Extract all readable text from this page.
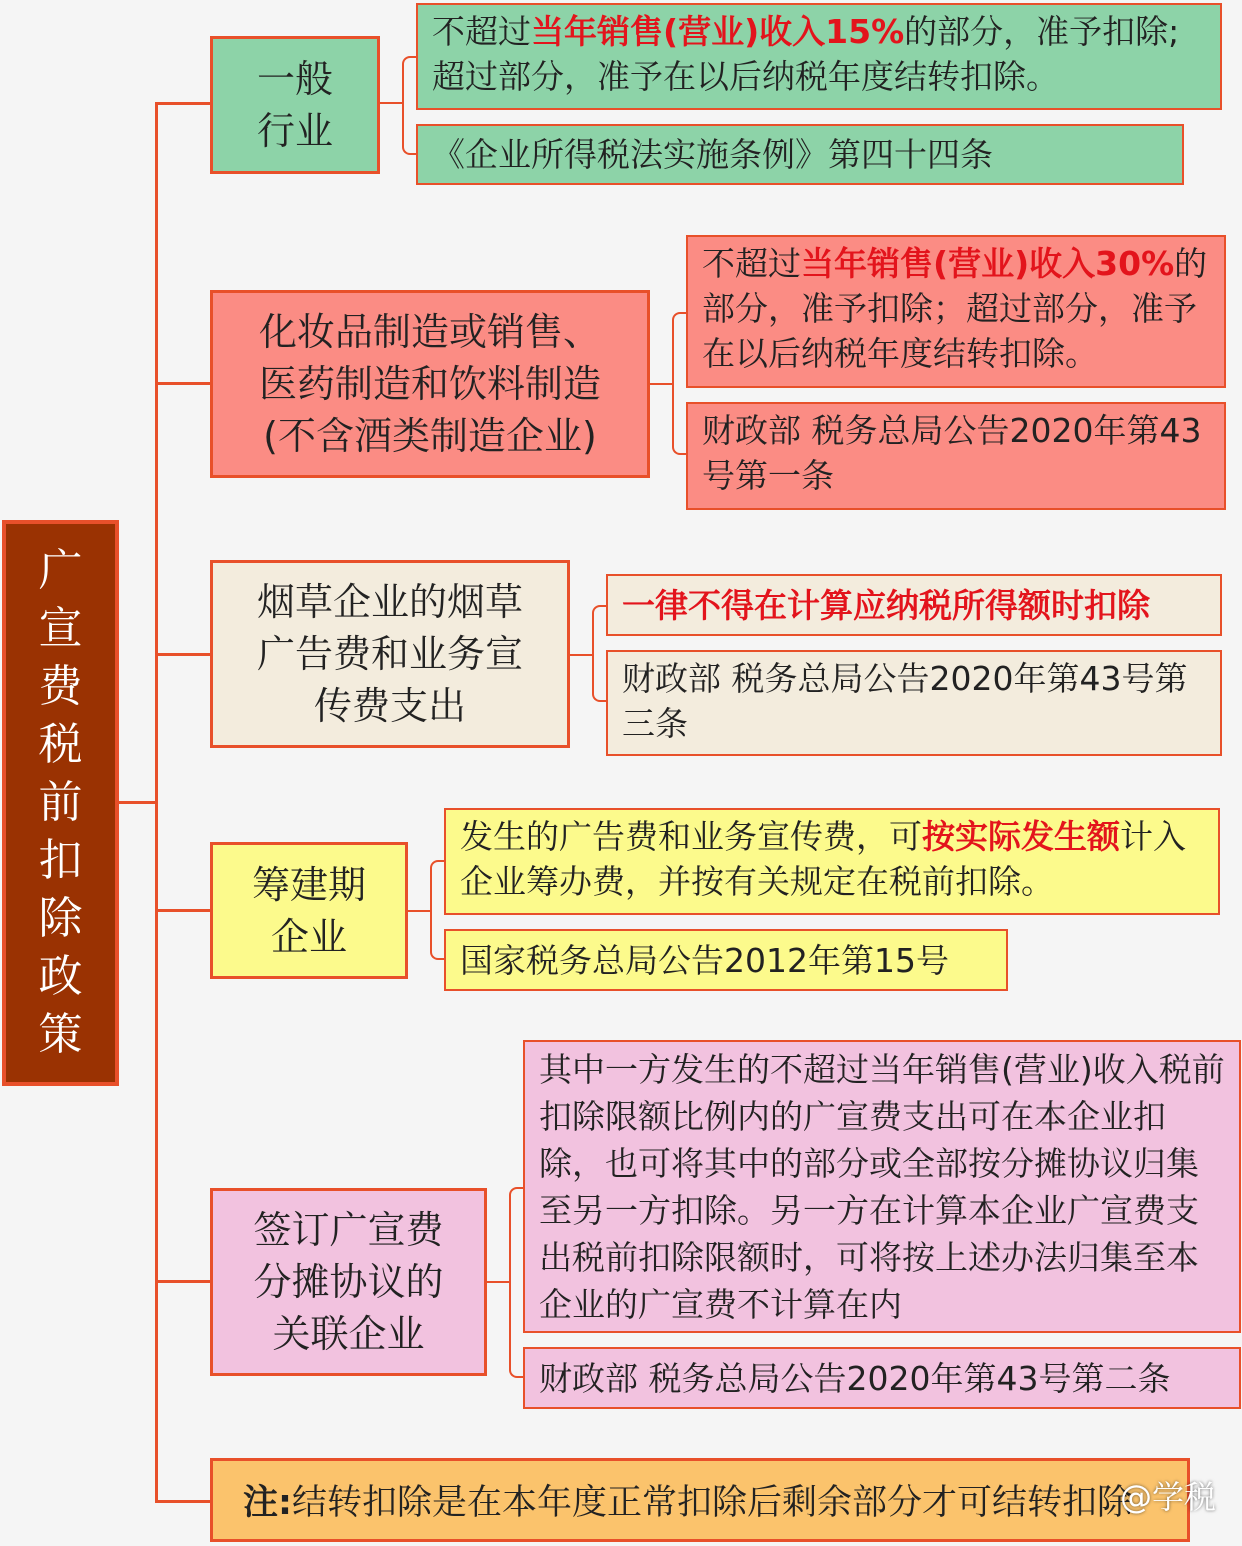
广
宣
费
税
前
扣
除
政
策
一般
行业
不超过当年销售(营业)收入15%的部分，准予扣除;超过部分，准予在以后纳税年度结转扣除。
《企业所得税法实施条例》第四十四条
化妆品制造或销售、
医药制造和饮料制造
(不含酒类制造企业)
不超过当年销售(营业)收入30%的部分，准予扣除；超过部分，准予在以后纳税年度结转扣除。
财政部 税务总局公告2020年第43号第一条
烟草企业的烟草
广告费和业务宣
传费支出
一律不得在计算应纳税所得额时扣除
财政部 税务总局公告2020年第43号第三条
筹建期
企业
发生的广告费和业务宣传费，可按实际发生额计入企业筹办费，并按有关规定在税前扣除。
国家税务总局公告2012年第15号
签订广宣费
分摊协议的
关联企业
其中一方发生的不超过当年销售(营业)收入税前扣除限额比例内的广宣费支出可在本企业扣除，也可将其中的部分或全部按分摊协议归集至另一方扣除。另一方在计算本企业广宣费支出税前扣除限额时，可将按上述办法归集至本企业的广宣费不计算在内
财政部 税务总局公告2020年第43号第二条
注: 结转扣除是在本年度正常扣除后剩余部分才可结转扣除
@学税
